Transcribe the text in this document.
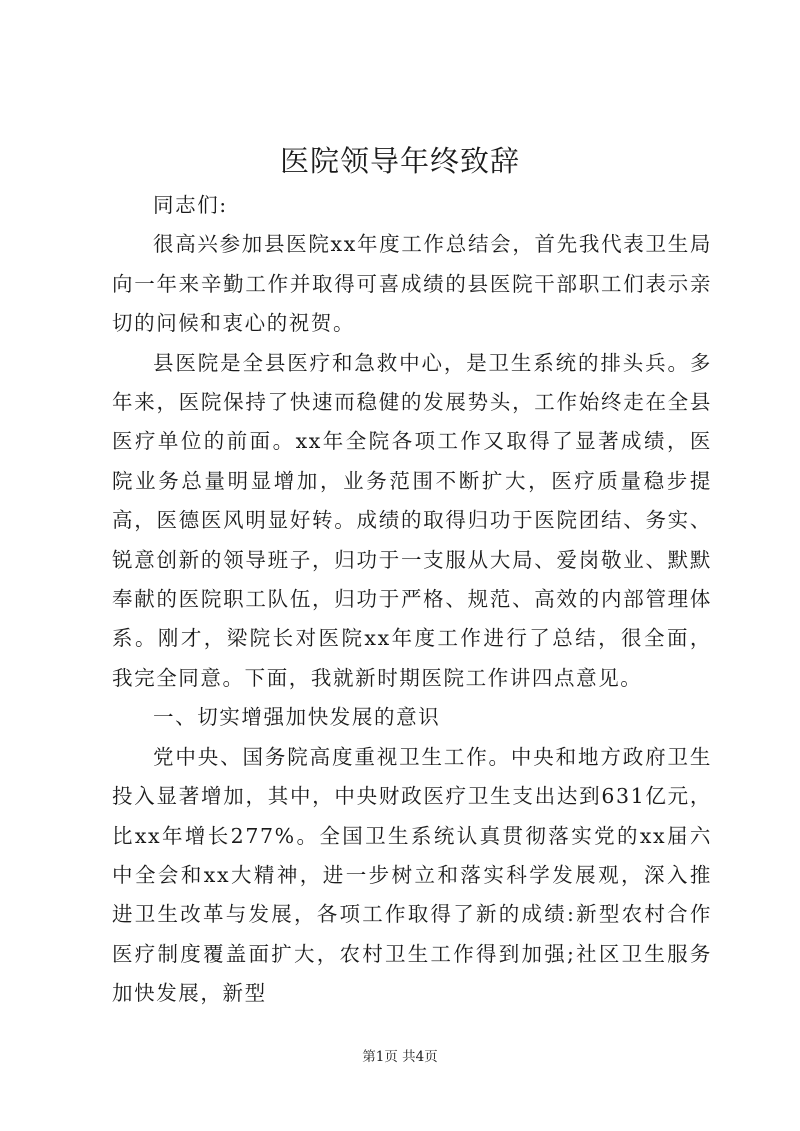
医院领导年终致辞

同志们:

很高兴参加县医院xx年度工作总结会，首先我代表卫生局向一年来辛勤工作并取得可喜成绩的县医院干部职工们表示亲切的问候和衷心的祝贺。

县医院是全县医疗和急救中心，是卫生系统的排头兵。多年来，医院保持了快速而稳健的发展势头，工作始终走在全县医疗单位的前面。xx年全院各项工作又取得了显著成绩，医院业务总量明显增加，业务范围不断扩大，医疗质量稳步提高，医德医风明显好转。成绩的取得归功于医院团结、务实、锐意创新的领导班子，归功于一支服从大局、爱岗敬业、默默奉献的医院职工队伍，归功于严格、规范、高效的内部管理体系。刚才，梁院长对医院xx年度工作进行了总结，很全面，我完全同意。下面，我就新时期医院工作讲四点意见。

一、切实增强加快发展的意识

党中央、国务院高度重视卫生工作。中央和地方政府卫生投入显著增加，其中，中央财政医疗卫生支出达到631亿元，比xx年增长277%。全国卫生系统认真贯彻落实党的xx届六中全会和xx大精神，进一步树立和落实科学发展观，深入推进卫生改革与发展，各项工作取得了新的成绩:新型农村合作医疗制度覆盖面扩大，农村卫生工作得到加强;社区卫生服务加快发展，新型

第1页 共4页
